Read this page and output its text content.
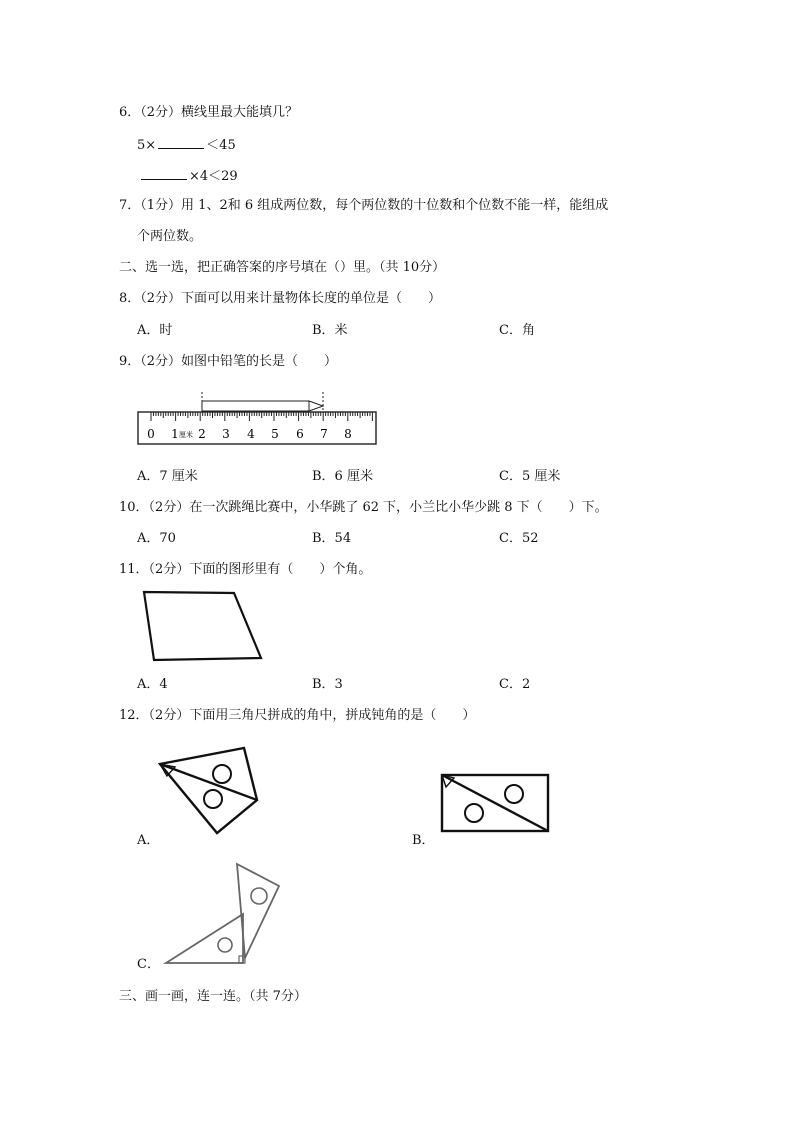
6．（2分）横线里最大能填几？
5×	＜45
×4＜29
7．（1分）用 1、2和 6 组成两位数，每个两位数的十位数和个位数不能一样，能组成
个两位数。
二、选一选，把正确答案的序号填在（）里。（共 10分）
8．（2分）下面可以用来计量物体长度的单位是（　　）
A．时	B．米	C．角
9．（2分）如图中铅笔的长是（　　）
0 1 厘米 2 3 4 5 6 7 8
A．7 厘米	B．6 厘米	C．5 厘米
10．（2分）在一次跳绳比赛中，小华跳了 62 下，小兰比小华少跳 8 下（　　）下。
A．70	B．54	C．52
11．（2分）下面的图形里有（　　）个角。
A．4	B．3	C．2
12．（2分）下面用三角尺拼成的角中，拼成钝角的是（　　）
A．	B．
C．
三、画一画，连一连。（共 7分）
